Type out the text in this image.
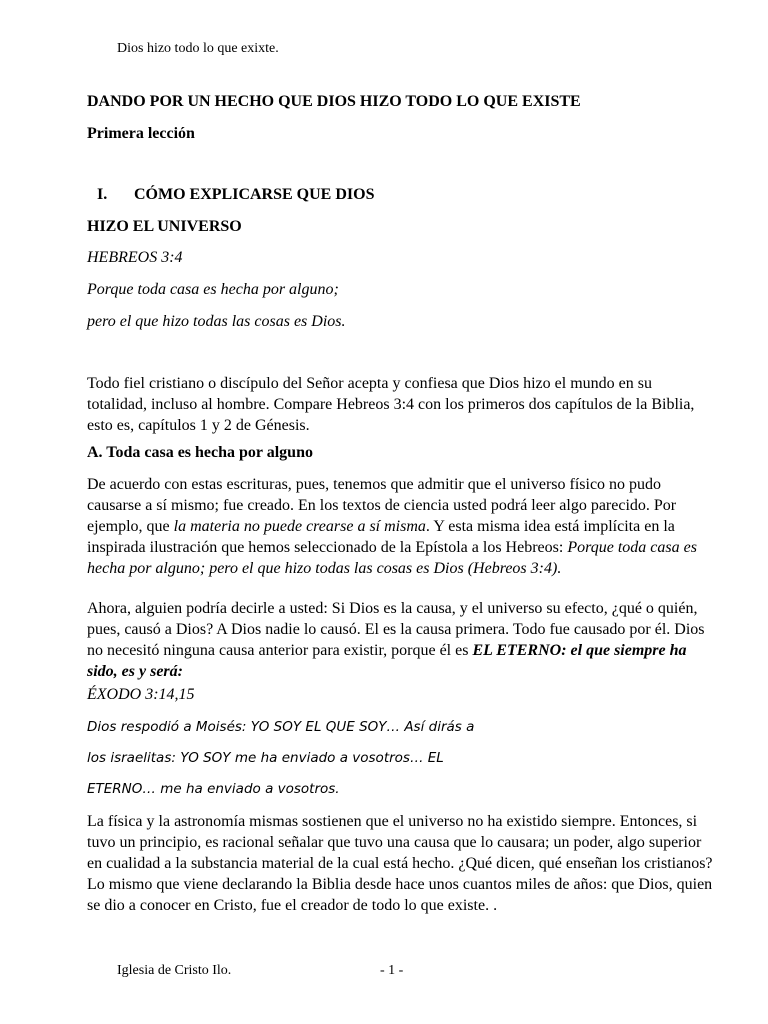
Dios hizo todo lo que exixte.

DANDO POR UN HECHO QUE DIOS HIZO TODO LO QUE EXISTE

Primera lección

I. CÓMO EXPLICARSE QUE DIOS

HIZO EL UNIVERSO

HEBREOS 3:4

Porque toda casa es hecha por alguno;

pero el que hizo todas las cosas es Dios.

Todo fiel cristiano o discípulo del Señor acepta y confiesa que Dios hizo el mundo en su totalidad, incluso al hombre. Compare Hebreos 3:4 con los primeros dos capítulos de la Biblia, esto es, capítulos 1 y 2 de Génesis.

A. Toda casa es hecha por alguno

De acuerdo con estas escrituras, pues, tenemos que admitir que el universo físico no pudo causarse a sí mismo; fue creado. En los textos de ciencia usted podrá leer algo parecido. Por ejemplo, que la materia no puede crearse a sí misma. Y esta misma idea está implícita en la inspirada ilustración que hemos seleccionado de la Epístola a los Hebreos: Porque toda casa es hecha por alguno; pero el que hizo todas las cosas es Dios (Hebreos 3:4).

Ahora, alguien podría decirle a usted: Si Dios es la causa, y el universo su efecto, ¿qué o quién, pues, causó a Dios? A Dios nadie lo causó. El es la causa primera. Todo fue causado por él. Dios no necesitó ninguna causa anterior para existir, porque él es EL ETERNO: el que siempre ha sido, es y será:

ÉXODO 3:14,15

Dios respodió a Moisés: YO SOY EL QUE SOY… Así dirás a

los israelitas: YO SOY me ha enviado a vosotros… EL

ETERNO… me ha enviado a vosotros.

La física y la astronomía mismas sostienen que el universo no ha existido siempre. Entonces, si tuvo un principio, es racional señalar que tuvo una causa que lo causara; un poder, algo superior en cualidad a la substancia material de la cual está hecho. ¿Qué dicen, qué enseñan los cristianos? Lo mismo que viene declarando la Biblia desde hace unos cuantos miles de años: que Dios, quien se dio a conocer en Cristo, fue el creador de todo lo que existe. .

Iglesia de Cristo Ilo.	- 1 -
